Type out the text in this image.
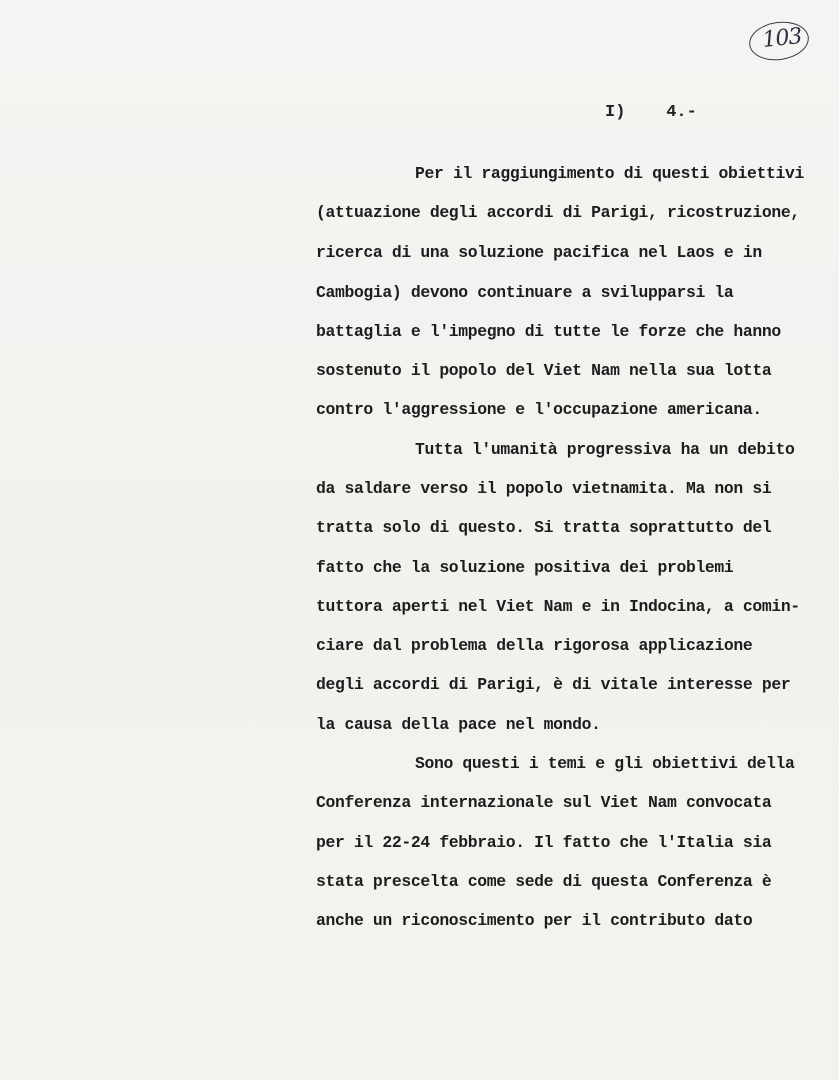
103
I)    4.-
Per il raggiungimento di questi obiettivi
(attuazione degli accordi di Parigi, ricostruzione,
ricerca di una soluzione pacifica nel Laos e in
Cambogia) devono continuare a svilupparsi la
battaglia e l'impegno di tutte le forze che hanno
sostenuto il popolo del Viet Nam nella sua lotta
contro l'aggressione e l'occupazione americana.
Tutta l'umanità progressiva ha un debito
da saldare verso il popolo vietnamita. Ma non si
tratta solo di questo. Si tratta soprattutto del
fatto che la soluzione positiva dei problemi
tuttora aperti nel Viet Nam e in Indocina, a comin-
ciare dal problema della rigorosa applicazione
degli accordi di Parigi, è di vitale interesse per
la causa della pace nel mondo.
Sono questi i temi e gli obiettivi della
Conferenza internazionale sul Viet Nam convocata
per il 22-24 febbraio. Il fatto che l'Italia sia
stata prescelta come sede di questa Conferenza è
anche un riconoscimento per il contributo dato
